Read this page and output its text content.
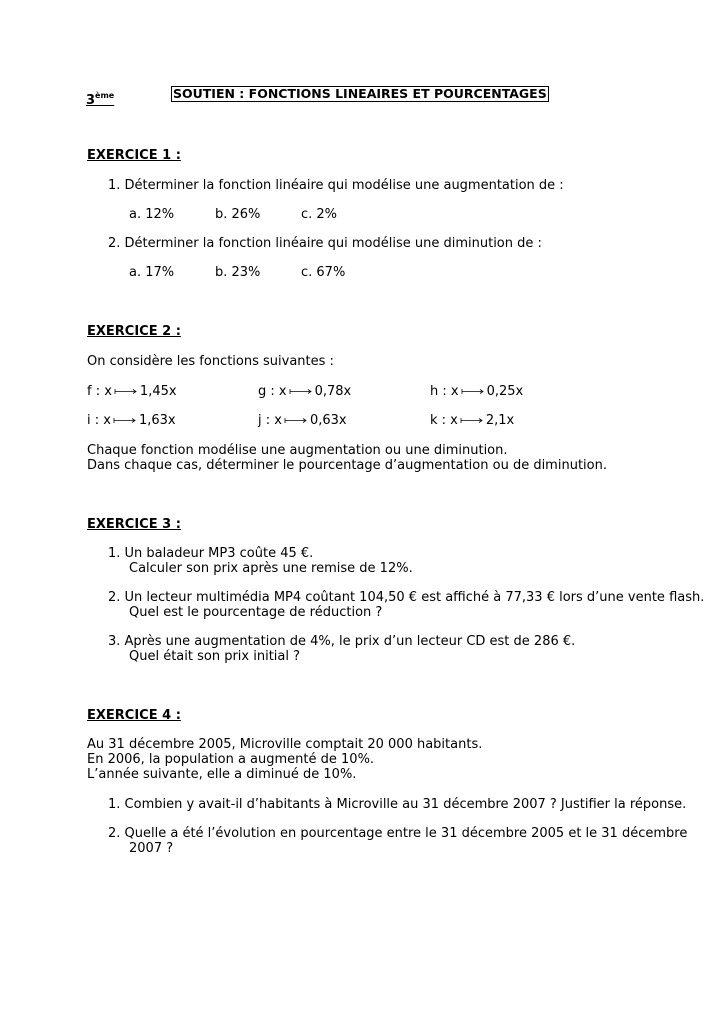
3ème	SOUTIEN : FONCTIONS LINEAIRES ET POURCENTAGES
EXERCICE 1 :
1. Déterminer la fonction linéaire qui modélise une augmentation de :
a. 12%	b. 26%	c. 2%
2. Déterminer la fonction linéaire qui modélise une diminution de :
a. 17%	b. 23%	c. 67%
EXERCICE 2 :
On considère les fonctions suivantes :
f : x 1,45x	g : x 0,78x	h : x 0,25x
i : x 1,63x	j : x 0,63x	k : x 2,1x
Chaque fonction modélise une augmentation ou une diminution.
Dans chaque cas, déterminer le pourcentage d’augmentation ou de diminution.
EXERCICE 3 :
1. Un baladeur MP3 coûte 45 €.
Calculer son prix après une remise de 12%.
2. Un lecteur multimédia MP4 coûtant 104,50 € est affiché à 77,33 € lors d’une vente flash.
Quel est le pourcentage de réduction ?
3. Après une augmentation de 4%, le prix d’un lecteur CD est de 286 €.
Quel était son prix initial ?
EXERCICE 4 :
Au 31 décembre 2005, Microville comptait 20 000 habitants.
En 2006, la population a augmenté de 10%.
L’année suivante, elle a diminué de 10%.
1. Combien y avait-il d’habitants à Microville au 31 décembre 2007 ? Justifier la réponse.
2. Quelle a été l’évolution en pourcentage entre le 31 décembre 2005 et le 31 décembre
2007 ?
